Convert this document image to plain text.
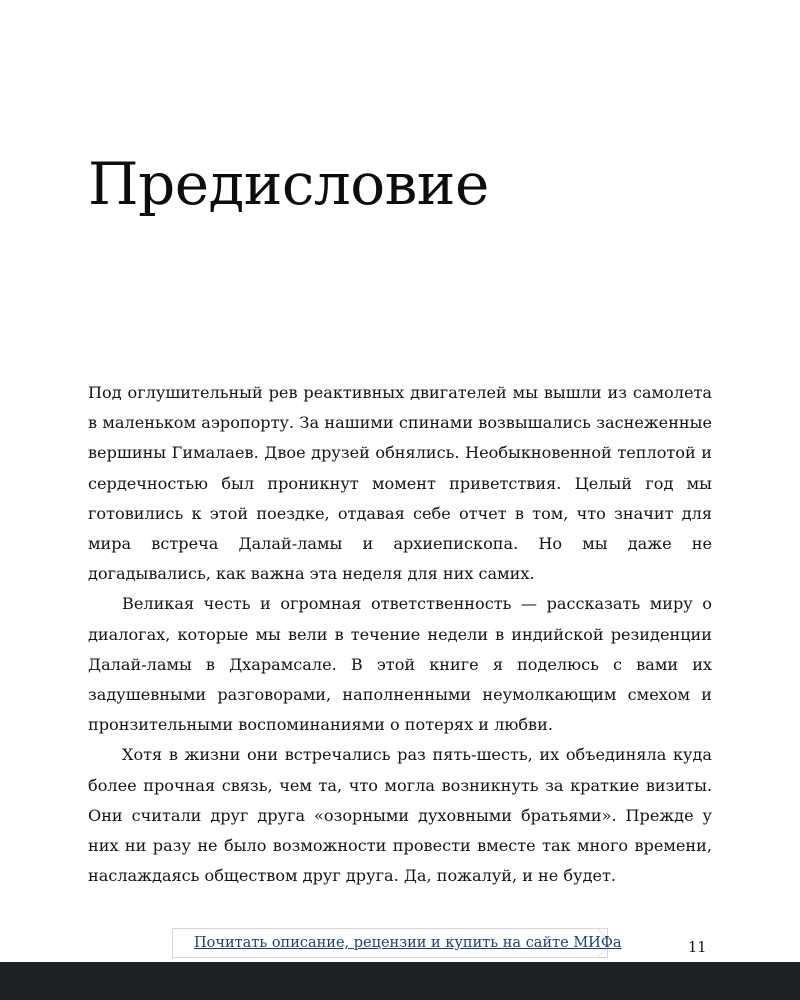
Предисловие

Под оглушительный рев реактивных двигателей мы вышли из самолета в маленьком аэропорту. За нашими спинами возвышались заснеженные вершины Гималаев. Двое друзей обнялись. Необыкновенной теплотой и сердечностью был проникнут момент приветствия. Целый год мы готовились к этой поездке, отдавая себе отчет в том, что значит для мира встреча Далай-ламы и архиепископа. Но мы даже не догадывались, как важна эта неделя для них самих.

Великая честь и огромная ответственность — рассказать миру о диалогах, которые мы вели в течение недели в индийской резиденции Далай-ламы в Дхарамсале. В этой книге я поделюсь с вами их задушевными разговорами, наполненными неумолкающим смехом и пронзительными воспоминаниями о потерях и любви.

Хотя в жизни они встречались раз пять-шесть, их объединяла куда более прочная связь, чем та, что могла возникнуть за краткие визиты. Они считали друг друга «озорными духовными братьями». Прежде у них ни разу не было возможности провести вместе так много времени, наслаждаясь обществом друг друга. Да, пожалуй, и не будет.

Почитать описание, рецензии и купить на сайте МИФа	11
